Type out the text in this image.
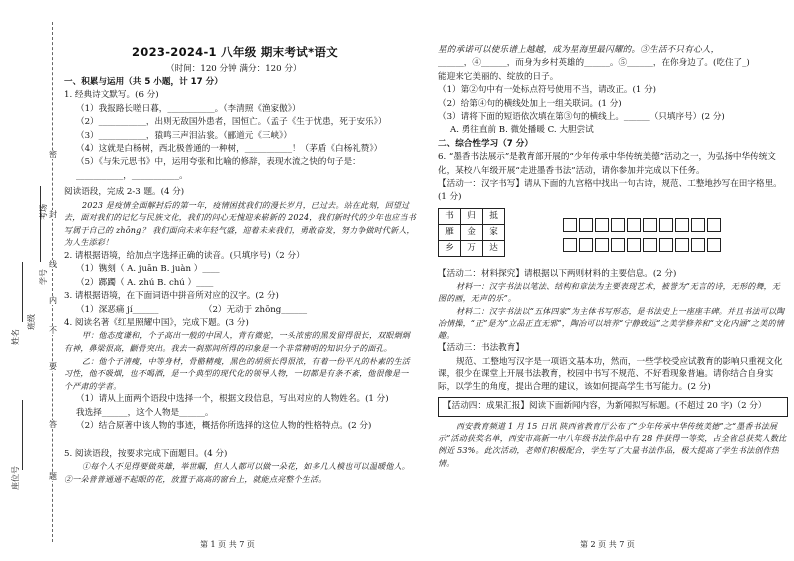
密
封
线
内
不
要
答
题
座位号
姓名
班级
学号
考场
2023-2024-1 八年级 期末考试*语文
（时间：120 分钟 满分：120 分）
一、积累与运用（共 5 小题，计 17 分）
1. 经典诗文默写。(6 分)
（1）我报路长嗟日暮，___________。（李清照《渔家傲》）
（2）___________，出则无敌国外患者，国恒亡。（孟子《生于忧患，死于安乐》）
（3）___________，猿鸣三声泪沾裳。（郦道元《三峡》）
（4）这就是白杨树，西北极普通的一种树，___________！（茅盾《白杨礼赞》）
（5）《与朱元思书》中，运用夸张和比喻的修辞，表现水流之快的句子是：___________，___________。
阅读语段，完成 2-3 题。(4 分)
2023 是疫情全面解封后的第一年，疫情困扰我们的漫长岁月，已过去。站在此刻，回望过去，面对我们的记忆与民族文化，我们的问心无愧迎来崭新的 2024，我们新时代的少年也应当书写属于自己的 zhōng？ 我们面向未来年轻气盛，迎着未来我们，勇敢奋发，努力争做时代新人，为人生添彩！
2. 请根据语境，给加点字选择正确的读音。(只填序号)（2 分）
（1）镌刻（ A. juān B. juàn ）____
（2）踯躅（ A. zhú B. chú ）____
3. 请根据语境，在下面词语中拼音所对应的汉字。(2 分)
（1）深恶痛 jí______	（2）无动于 zhōng______
4. 阅读名著《红星照耀中国》，完成下题。(3 分)
甲：他态度谦和，个子高出一般的中国人，背有微驼，一头浓密的黑发留得很长，双眼炯炯有神，鼻梁很高，颧骨突出。我去一刹那间所得的印象是一个非常精明的知识分子的面孔。
乙：他个子清瘦，中等身材，骨骼精瘦，黑色的胡须长得很浓，有着一份平凡的朴素的生活习性，他不吸烟，也不喝酒，是一个典型的现代化的领导人物，一切都是有条不紊，他很像是一个严肃的学者。
（1）请从上面两个语段中选择一个，根据文段信息，写出对应的人物姓名。(1 分)
我选择______，这个人物是______。
（2）结合原著中该人物的事迹，概括你所选择的这位人物的性格特点。(2 分)
5. 阅读语段，按要求完成下面题目。(4 分)
①每个人不见得要做英雄，举世瞩，但人人都可以做一朵花，如多几人模也可以温暖他人。②一朵普普通通不起眼的花，放置于高高的窗台上，就能点亮整个生活。
第 1 页 共 7 页
星的承诺可以使乐谱上越越，成为星海里最闪耀的。③生活不只有心人，
______，④______，而身为乡村英雄的______。⑤______，在你身边了。(吃住了_)
能迎来它美丽的、绽放的日子。
（1）第②句中有一处标点符号使用不当，请改正。(1 分)
（2）给第④句的横线处加上一组关联词。(1 分)
（3）请将下面的短语依次填在第③句的横线上。______（只填序号）(2 分)
A. 勇往直前 B. 微处播暖 C. 大胆尝试
二、综合性学习（7 分）
6. “墨香书法展示”是教育部开展的“少年传承中华传统美德”活动之一，为弘扬中华传统文化，某校八年级开展“走进墨香书法”活动，请你参加并完成以下任务。
【活动一：汉字书写】请从下面的九宫格中找出一句古诗，规范、工整地抄写在田字格里。(1 分)
书	归	抵
雁	金	家
乡	万	达
【活动二：材料探究】请根据以下两则材料的主要信息。(2 分)
材料一：汉字书法以笔法、结构和章法为主要表现艺术，被誉为“无言的诗，无形的舞，无图的画，无声的乐”。
材料二：汉字书法以“五体四家”为主体书写形态，是书法史上一座座丰碑。并且书法可以陶冶情操，“正”是为“立品正直无邪”，陶冶可以培养“宁静致远”之美学修养和“文化内涵”之美的情趣。
【活动三：书法教育】
规范、工整地写汉字是一项语文基本功，然而，一些学校受应试教育的影响只重视文化课，很少在课堂上开展书法教育，校园中书写不规范、不好看现象普遍。请你结合自身实际，以学生的角度，提出合理的建议，该如何提高学生书写能力。(2 分)
【活动四：成果汇报】阅读下面新闻内容，为新闻拟写标题。(不超过 20 字)（2 分）
西安教育频道 1 月 15 日讯 陕西省教育厅公布了“少年传承中华传统美德”之“墨香书法展示”活动获奖名单，西安市高新一中八年级书法作品中有 28 件获得一等奖，占全省总获奖人数比例近 53%。此次活动，老师们积极配合，学生写了大量书法作品，极大提高了学生书法创作热情。
第 2 页 共 7 页
